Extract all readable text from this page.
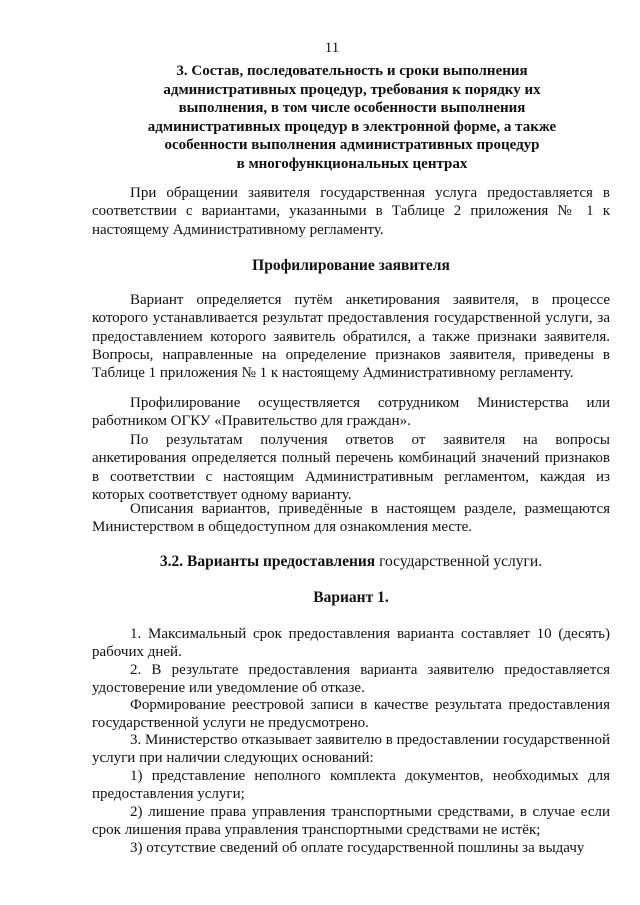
11
3. Состав, последовательность и сроки выполнения
административных процедур, требования к порядку их
выполнения, в том числе особенности выполнения
административных процедур в электронной форме, а также
особенности выполнения административных процедур
в многофункциональных центрах
При обращении заявителя государственная услуга предоставляется в соответствии с вариантами, указанными в Таблице 2 приложения № 1 к настоящему Административному регламенту.
Профилирование заявителя
Вариант определяется путём анкетирования заявителя, в процессе которого устанавливается результат предоставления государственной услуги, за предоставлением которого заявитель обратился, а также признаки заявителя. Вопросы, направленные на определение признаков заявителя, приведены в Таблице 1 приложения № 1 к настоящему Административному регламенту.
Профилирование осуществляется сотрудником Министерства или работником ОГКУ «Правительство для граждан».
По результатам получения ответов от заявителя на вопросы анкетирования определяется полный перечень комбинаций значений признаков в соответствии с настоящим Административным регламентом, каждая из которых соответствует одному варианту.
Описания вариантов, приведённые в настоящем разделе, размещаются Министерством в общедоступном для ознакомления месте.
3.2. Варианты предоставления государственной услуги.
Вариант 1.
1. Максимальный срок предоставления варианта составляет 10 (десять) рабочих дней.
2. В результате предоставления варианта заявителю предоставляется удостоверение или уведомление об отказе.
Формирование реестровой записи в качестве результата предоставления государственной услуги не предусмотрено.
3. Министерство отказывает заявителю в предоставлении государственной услуги при наличии следующих оснований:
1) представление неполного комплекта документов, необходимых для предоставления услуги;
2) лишение права управления транспортными средствами, в случае если срок лишения права управления транспортными средствами не истёк;
3) отсутствие сведений об оплате государственной пошлины за выдачу
